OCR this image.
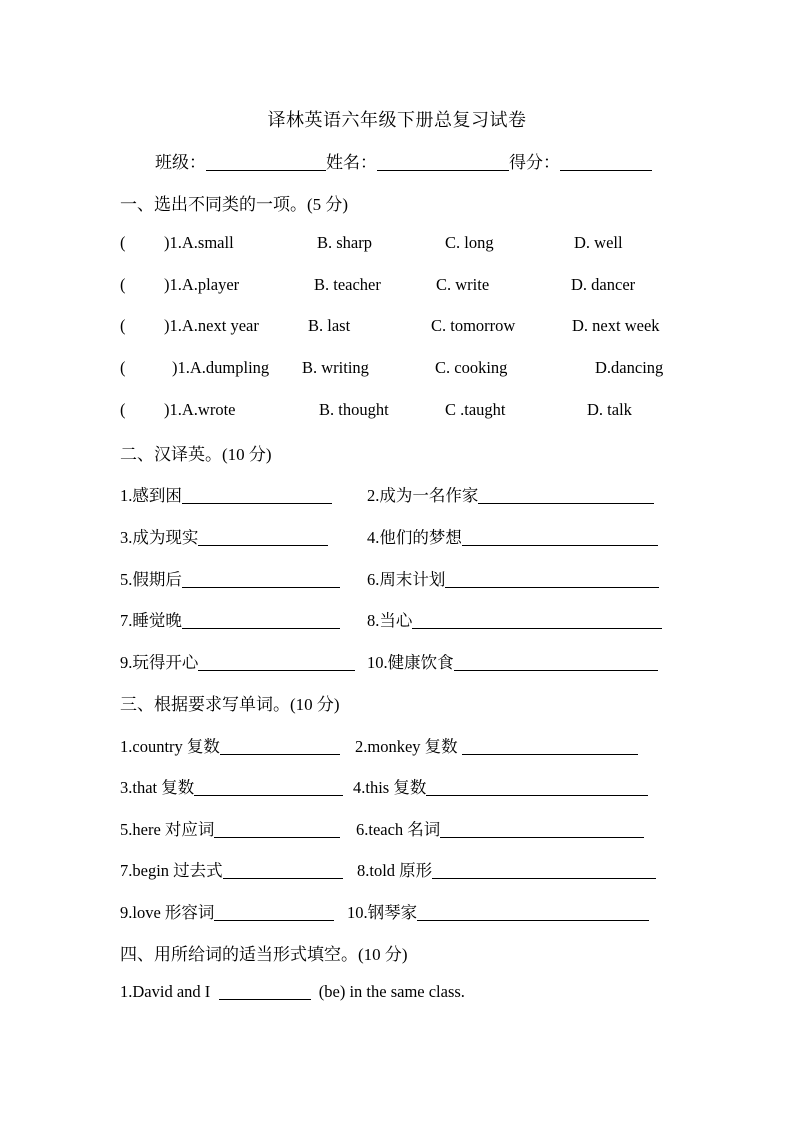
译林英语六年级下册总复习试卷
班级：	姓名：	得分：
一、选出不同类的一项。(5 分)
( )1.A.small	B. sharp	C. long	D. well
( )1.A.player	B. teacher	C. write	D. dancer
( )1.A.next year	B. last	C. tomorrow	D. next week
(	)1.A.dumpling B. writing	C. cooking	D.dancing
( )1.A.wrote	B. thought	C .taught	D. talk
二、汉译英。(10 分)
1.感到困	2.成为一名作家
3.成为现实	4.他们的梦想
5.假期后	6.周末计划
7.睡觉晚	8.当心
9.玩得开心	10.健康饮食
三、根据要求写单词。(10 分)
1.country 复数	2.monkey 复数
3.that 复数	4.this 复数
5.here 对应词	6.teach 名词
7.begin 过去式	8.told 原形
9.love 形容词	10.钢琴家
四、用所给词的适当形式填空。(10 分)
1.David and I	(be) in the same class.
